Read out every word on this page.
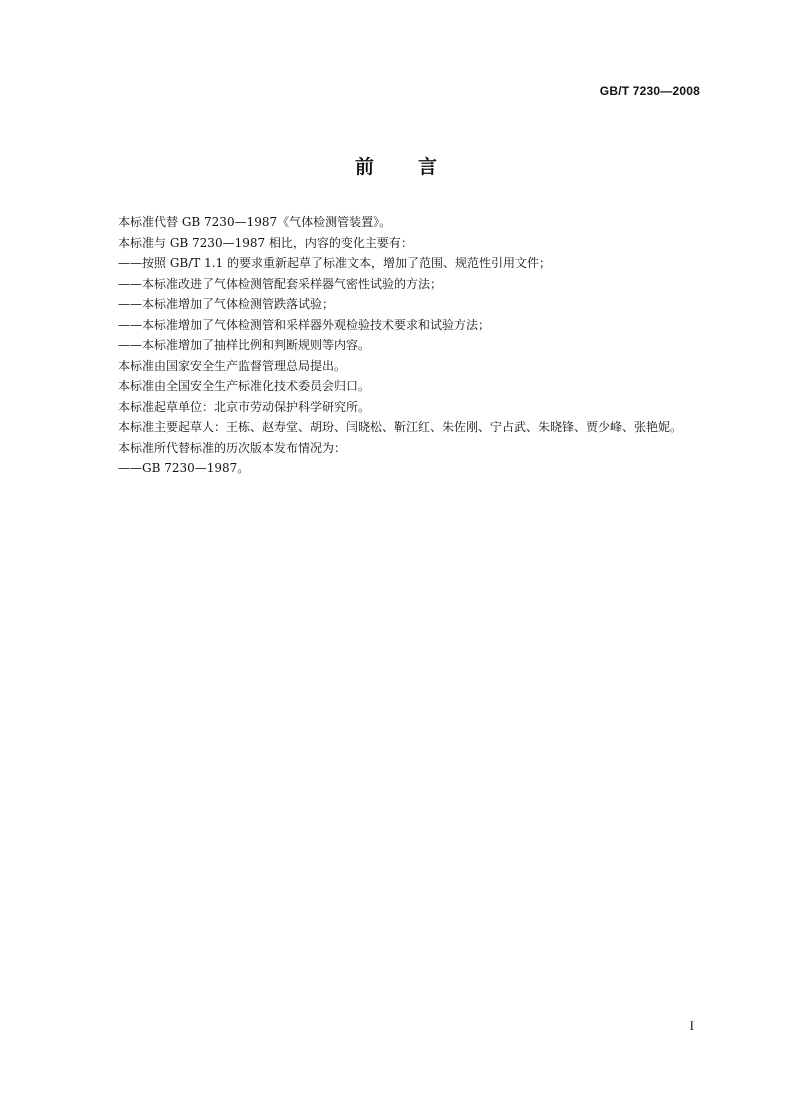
GB/T 7230—2008
前言
本标准代替 GB 7230—1987《气体检测管装置》。
本标准与 GB 7230—1987 相比，内容的变化主要有：
——按照 GB/T 1.1 的要求重新起草了标准文本，增加了范围、规范性引用文件；
——本标准改进了气体检测管配套采样器气密性试验的方法；
——本标准增加了气体检测管跌落试验；
——本标准增加了气体检测管和采样器外观检验技术要求和试验方法；
——本标准增加了抽样比例和判断规则等内容。
本标准由国家安全生产监督管理总局提出。
本标准由全国安全生产标准化技术委员会归口。
本标准起草单位：北京市劳动保护科学研究所。
本标准主要起草人：王栋、赵寿堂、胡玢、闫晓松、靳江红、朱佐刚、宁占武、朱晓锋、贾少峰、张艳妮。
本标准所代替标准的历次版本发布情况为：
——GB 7230—1987。
I
